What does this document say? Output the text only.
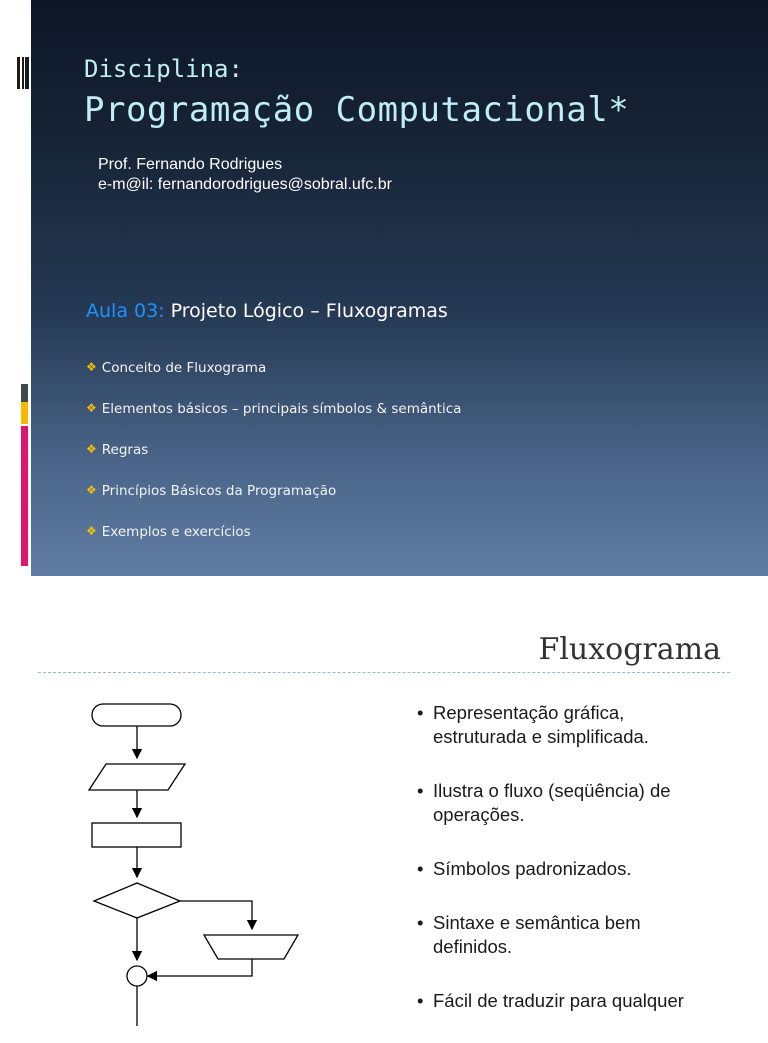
Disciplina:
Programação Computacional*
Prof. Fernando Rodrigues
e-m@il: fernandorodrigues@sobral.ufc.br
Aula 03: Projeto Lógico – Fluxogramas
❖ Conceito de Fluxograma
❖ Elementos básicos – principais símbolos & semântica
❖ Regras
❖ Princípios Básicos da Programação
❖ Exemplos e exercícios
Fluxograma
• Representação gráfica,
estruturada e simplificada.
• Ilustra o fluxo (seqüência) de
operações.
• Símbolos padronizados.
• Sintaxe e semântica bem
definidos.
• Fácil de traduzir para qualquer
